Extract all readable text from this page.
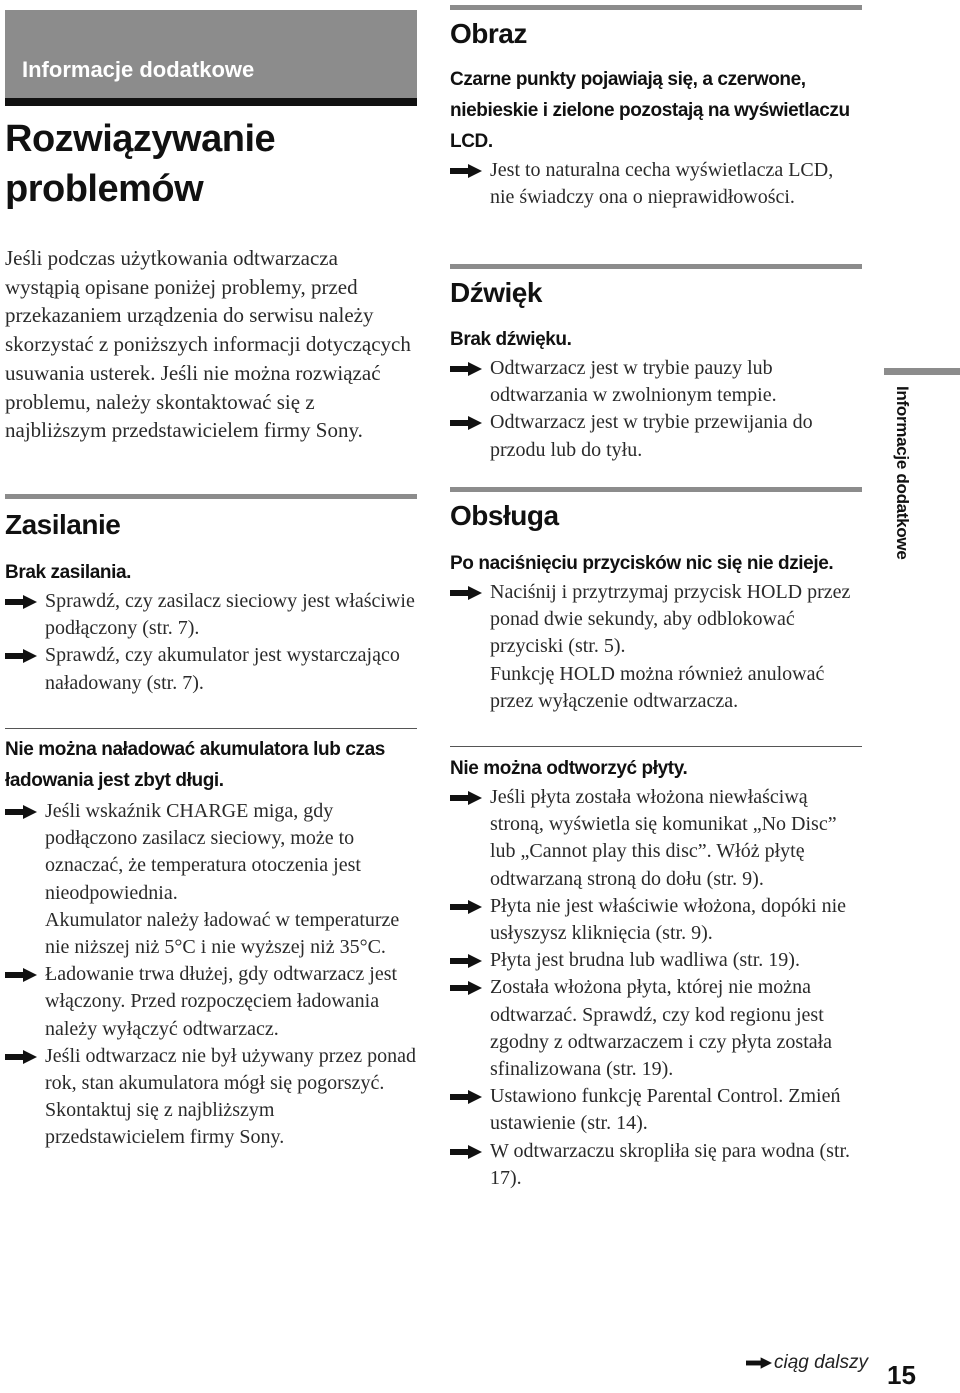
Informacje dodatkowe
Rozwiązywanie
problemów

Jeśli podczas użytkowania odtwarzacza wystąpią opisane poniżej problemy, przed przekazaniem urządzenia do serwisu należy skorzystać z poniższych informacji dotyczących usuwania usterek. Jeśli nie można rozwiązać problemu, należy skontaktować się z najbliższym przedstawicielem firmy Sony.

Zasilanie

Brak zasilania.

Sprawdź, czy zasilacz sieciowy jest właściwie podłączony (str. 7).
Sprawdź, czy akumulator jest wystarczająco naładowany (str. 7).

Nie można naładować akumulatora lub czas ładowania jest zbyt długi.

Jeśli wskaźnik CHARGE miga, gdy podłączono zasilacz sieciowy, może to oznaczać, że temperatura otoczenia jest nieodpowiednia.
Akumulator należy ładować w temperaturze nie niższej niż 5°C i nie wyższej niż 35°C.
Ładowanie trwa dłużej, gdy odtwarzacz jest włączony. Przed rozpoczęciem ładowania należy wyłączyć odtwarzacz.
Jeśli odtwarzacz nie był używany przez ponad rok, stan akumulatora mógł się pogorszyć. Skontaktuj się z najbliższym przedstawicielem firmy Sony.
Obraz

Czarne punkty pojawiają się, a czerwone, niebieskie i zielone pozostają na wyświetlaczu LCD.

Jest to naturalna cecha wyświetlacza LCD, nie świadczy ona o nieprawidłowości.
Dźwięk

Brak dźwięku.

Odtwarzacz jest w trybie pauzy lub odtwarzania w zwolnionym tempie.
Odtwarzacz jest w trybie przewijania do przodu lub do tyłu.
Obsługa

Po naciśnięciu przycisków nic się nie dzieje.

Naciśnij i przytrzymaj przycisk HOLD przez ponad dwie sekundy, aby odblokować przyciski (str. 5).
Funkcję HOLD można również anulować przez wyłączenie odtwarzacza.

Nie można odtworzyć płyty.

Jeśli płyta została włożona niewłaściwą stroną, wyświetla się komunikat „No Disc” lub „Cannot play this disc”. Włóż płytę odtwarzaną stroną do dołu (str. 9).
Płyta nie jest właściwie włożona, dopóki nie usłyszysz kliknięcia (str. 9).
Płyta jest brudna lub wadliwa (str. 19).
Została włożona płyta, której nie można odtwarzać. Sprawdź, czy kod regionu jest zgodny z odtwarzaczem i czy płyta została sfinalizowana (str. 19).
Ustawiono funkcję Parental Control. Zmień ustawienie (str. 14).
W odtwarzaczu skropliła się para wodna (str. 17).
Informacje dodatkowe
ciąg dalszy 15
